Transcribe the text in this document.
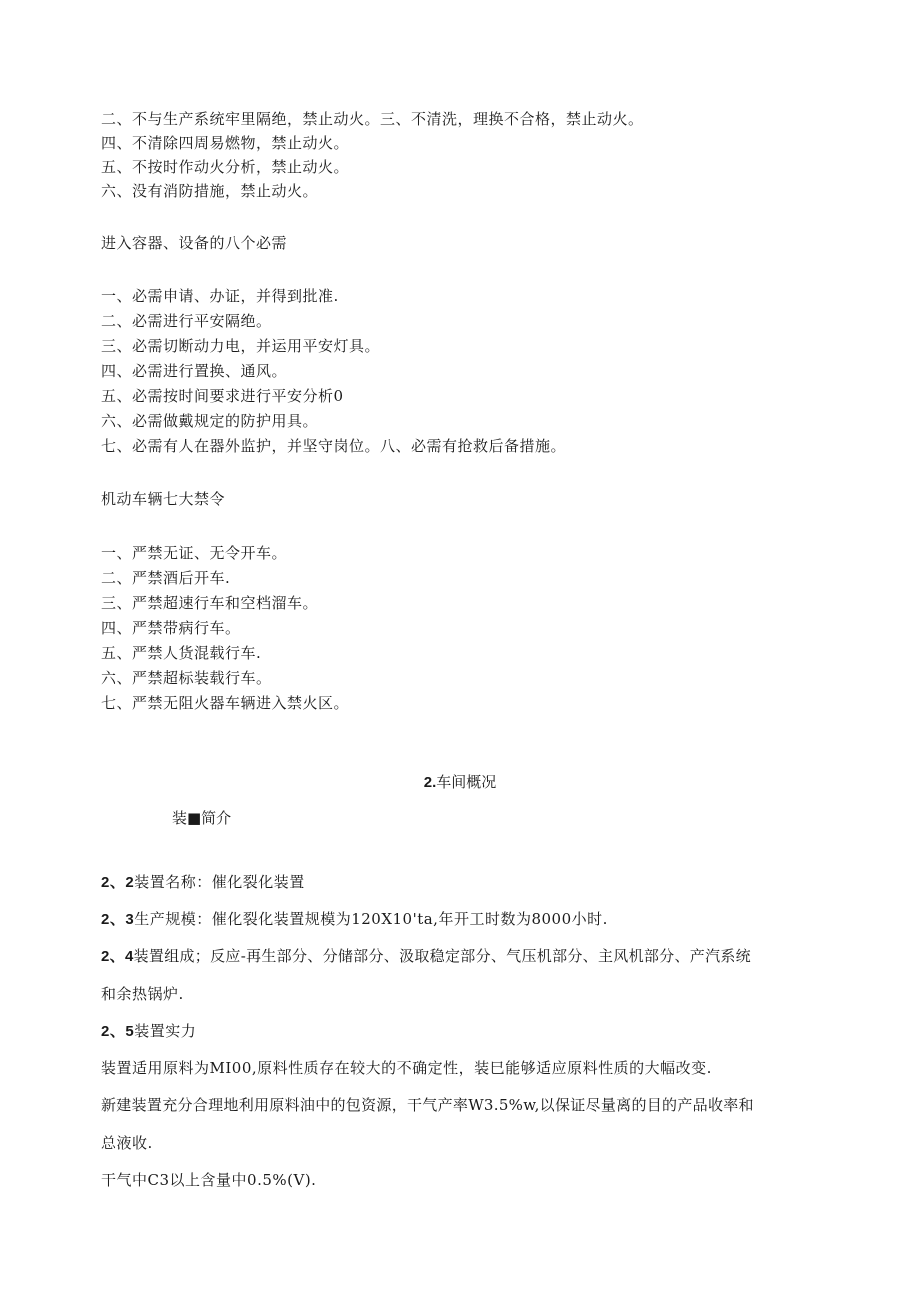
二、不与生产系统牢里隔绝，禁止动火。三、不清洗，理换不合格，禁止动火。
四、不清除四周易燃物，禁止动火。
五、不按时作动火分析，禁止动火。
六、没有消防措施，禁止动火。
进入容器、设备的八个必需
一、必需申请、办证，并得到批准.
二、必需进行平安隔绝。
三、必需切断动力电，并运用平安灯具。
四、必需进行置换、通风。
五、必需按时间要求进行平安分析0
六、必需做戴规定的防护用具。
七、必需有人在器外监护，并坚守岗位。八、必需有抢救后备措施。
机动车辆七大禁令
一、严禁无证、无令开车。
二、严禁酒后开车.
三、严禁超速行车和空档溜车。
四、严禁带病行车。
五、严禁人货混载行车.
六、严禁超标装载行车。
七、严禁无阻火器车辆进入禁火区。
2.车间概况
装■简介
2、2装置名称：催化裂化装置
2、3生产规模：催化裂化装置规模为120X10'ta,年开工时数为8000小时.
2、4装置组成；反应-再生部分、分储部分、汲取稳定部分、气压机部分、主风机部分、产汽系统
和余热锅炉.
2、5装置实力
装置适用原料为MI00,原料性质存在较大的不确定性，装巳能够适应原料性质的大幅改变.
新建装置充分合理地利用原料油中的包资源，干气产率W3.5%w,以保证尽量离的目的产品收率和
总液收.
干气中C3以上含量中0.5%(V).
